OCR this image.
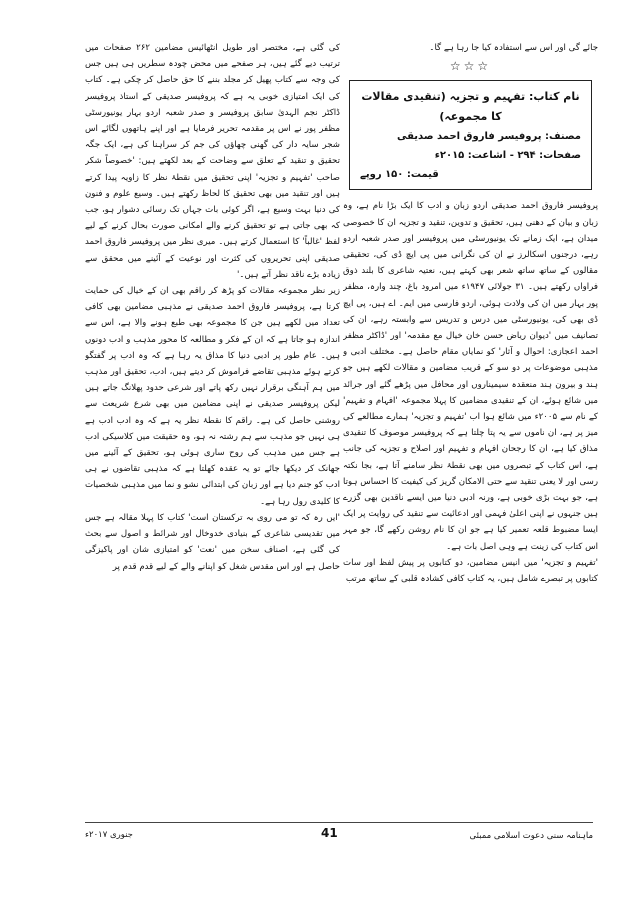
جائے گی اور اس سے استفادہ کیا جا رہا ہے گا۔

☆☆☆
نام کتاب: تفہیم و تجزیہ (تنقیدی مقالات کا مجموعہ)
مصنف: پروفیسر فاروق احمد صدیقی
صفحات: ۲۹۴ - اشاعت: ۲۰۱۵ء
قیمت: ۱۵۰ روپے

پروفیسر فاروق احمد صدیقی اردو زبان و ادب کا ایک بڑا نام ہے، وہ زبان و بیان کے دھنی ہیں، تحقیق و تدوین، تنقید و تجزیہ ان کا خصوصی میدان ہے، ایک زمانے تک یونیورسٹی میں پروفیسر اور صدر شعبہ اردو رہے، درجنوں اسکالرز نے ان کی نگرانی میں پی ایچ ڈی کی، تحقیقی مقالوں کے ساتھ ساتھ شعر بھی کہتے ہیں، نعتیہ شاعری کا بلند ذوق فراواں رکھتے ہیں۔ ۳۱ جولائی ۱۹۴۷ء میں امرود باغ، چند وارہ، مظفر پور بہار میں ان کی ولادت ہوئی، اردو فارسی میں ایم۔ اے ہیں، پی ایچ ڈی بھی کی، یونیورسٹی میں درس و تدریس سے وابستہ رہے، ان کی تصانیف میں 'دیوان ریاض حسن خان خیال مع مقدمہ' اور 'ڈاکٹر مظفر احمد اعجازی: احوال و آثار' کو نمایاں مقام حاصل ہے۔ مختلف ادبی و مذہبی موضوعات پر دو سو کے قریب مضامین و مقالات لکھے ہیں جو ہند و بیرون ہند منعقدہ سیمیناروں اور محافل میں پڑھے گئے اور جرائد میں شائع ہوئے، ان کے تنقیدی مضامین کا پہلا مجموعہ 'افہام و تفہیم' کے نام سے ۲۰۰۵ء میں شائع ہوا اب 'تفہیم و تجزیہ' ہمارے مطالعے کی میز پر ہے، ان ناموں سے یہ پتا چلتا ہے کہ پروفیسر موصوف کا تنقیدی مذاق کیا ہے، ان کا رجحان افہام و تفہیم اور اصلاح و تجزیہ کی جانب ہے، اس کتاب کے تبصروں میں بھی نقطۂ نظر سامنے آتا ہے، بجا نکتہ رسی اور لا یعنی تنقید سے حتی الامکان گریز کی کیفیت کا احساس ہوتا ہے، جو بہت بڑی خوبی ہے، ورنہ ادبی دنیا میں ایسے ناقدین بھی گزرے ہیں جنہوں نے اپنی اعلیٰ فہمی اور ادعائیت سے تنقید کی روایت پر ایک ایسا مضبوط قلعہ تعمیر کیا ہے جو ان کا نام روشن رکھے گا، جو مہر اس کتاب کی زینت ہے وہی اصل بات ہے۔

'تفہیم و تجزیہ' میں انیس مضامین، دو کتابوں پر پیش لفظ اور سات کتابوں پر تبصرے شامل ہیں، یہ کتاب کافی کشادہ قلبی کے ساتھ مرتب

کی گئی ہے، مختصر اور طویل انٹھائیس مضامین ۲۶۲ صفحات میں ترتیب دیے گئے ہیں، ہر صفحے میں محض چودہ سطریں ہی ہیں جس کی وجہ سے کتاب پھیل کر مجلد بننے کا حق حاصل کر چکی ہے۔ کتاب کی ایک امتیازی خوبی یہ ہے کہ پروفیسر صدیقی کے استاذ پروفیسر ڈاکٹر نجم الہدیٰ سابق پروفیسر و صدر شعبہ اردو بہار یونیورسٹی مظفر پور نے اس پر مقدمہ تحریر فرمایا ہے اور اپنے ہاتھوں لگائے اس شجر سایہ دار کی گھنی چھاؤں کی جم کر سراہنا کی ہے، ایک جگہ تحقیق و تنقید کے تعلق سے وضاحت کے بعد لکھتے ہیں: 'خصوصاً شکر صاحب 'تفہیم و تجزیہ' اپنی تحقیق میں نقطۂ نظر کا زاویہ پیدا کرتے ہیں اور تنقید میں بھی تحقیق کا لحاظ رکھتے ہیں۔ وسیع علوم و فنون کی دنیا بہت وسیع ہے، اگر کوئی بات جہاں تک رسائی دشوار ہو، جب کہ بھی جاتی ہے تو تحقیق کرنے والے امکانی صورت بحال کرنے کے لیے لفظ 'غالباً' کا استعمال کرتے ہیں۔ میری نظر میں پروفیسر فاروق احمد صدیقی اپنی تحریروں کی کثرت اور نوعیت کے آئینے میں محقق سے زیادہ بڑے ناقد نظر آتے ہیں۔'

زیر نظر مجموعہ مقالات کو پڑھ کر راقم بھی ان کے خیال کی حمایت کرتا ہے، پروفیسر فاروق احمد صدیقی نے مذہبی مضامین بھی کافی تعداد میں لکھے ہیں جن کا مجموعہ بھی طبع ہونے والا ہے، اس سے اندازہ ہو جاتا ہے کہ ان کے فکر و مطالعہ کا محور مذہب و ادب دونوں ہیں۔ عام طور پر ادبی دنیا کا مذاق یہ رہا ہے کہ وہ ادب پر گفتگو کرتے ہوئے مذہبی تقاضے فراموش کر دیتے ہیں، ادب، تحقیق اور مذہب میں ہم آہنگی برقرار نہیں رکھ پاتے اور شرعی حدود پھلانگ جاتے ہیں لیکن پروفیسر صدیقی نے اپنی مضامین میں بھی شرع شریعت سے روشنی حاصل کی ہے۔ راقم کا نقطۂ نظر یہ ہے کہ وہ ادب ادب ہے ہی نہیں جو مذہب سے ہم رشتہ نہ ہو، وہ حقیقت میں کلاسیکی ادب ہے جس میں مذہب کی روح ساری ہوئی ہو، تحقیق کے آئینے میں جھانک کر دیکھا جائے تو یہ عقدہ کھلتا ہے کہ مذہبی تقاضوں نے ہی ادب کو جنم دیا ہے اور زبان کی ابتدائی نشو و نما میں مذہبی شخصیات کا کلیدی رول رہا ہے۔

'ایں رہ کہ تو می روی بہ ترکستان است' کتاب کا پہلا مقالہ ہے جس میں تقدیسی شاعری کے بنیادی خدوخال اور شرائط و اصول سے بحث کی گئی ہے، اصناف سخن میں 'نعت' کو امتیازی شان اور پاکیزگی حاصل ہے اور اس مقدس شغل کو اپنانے والے کے لیے قدم قدم پر

ماہنامہ سنی دعوت اسلامی ممبئی
41
جنوری ۲۰۱۷ء
